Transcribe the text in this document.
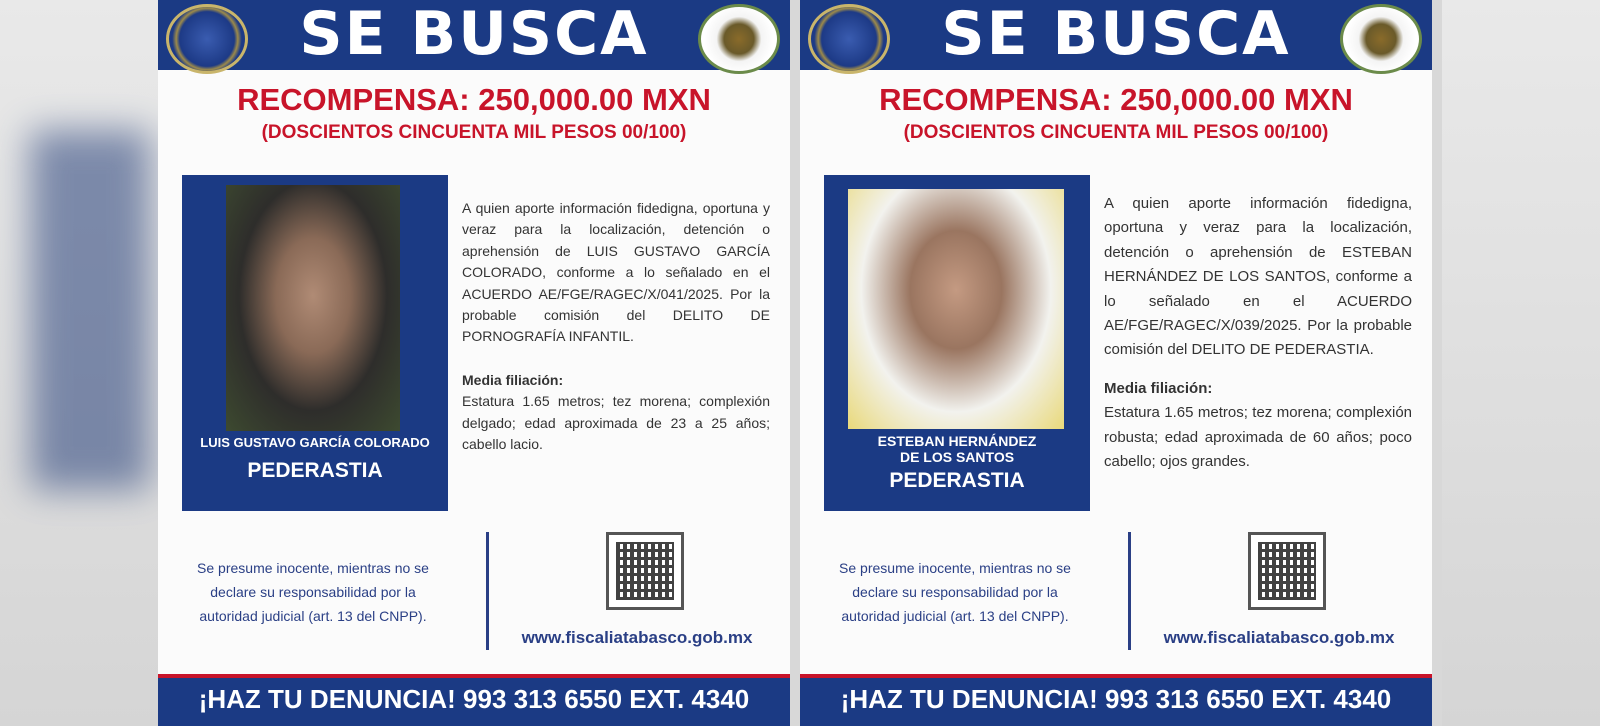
SE BUSCA
RECOMPENSA: 250,000.00 MXN
(DOSCIENTOS CINCUENTA MIL PESOS 00/100)
LUIS GUSTAVO GARCÍA COLORADO
PEDERASTIA
A quien aporte información fidedigna, oportuna y veraz para la localización, detención o aprehensión de LUIS GUSTAVO GARCÍA COLORADO, conforme a lo señalado en el ACUERDO AE/FGE/RAGEC/X/041/2025. Por la probable comisión del DELITO DE PORNOGRAFÍA INFANTIL.
Media filiación:
Estatura 1.65 metros; tez morena; complexión delgado; edad aproximada de 23 a 25 años; cabello lacio.
Se presume inocente, mientras no se declare su responsabilidad por la autoridad judicial (art. 13 del CNPP).
www.fiscaliatabasco.gob.mx
¡HAZ TU DENUNCIA! 993 313 6550 EXT. 4340
SE BUSCA
RECOMPENSA: 250,000.00 MXN
(DOSCIENTOS CINCUENTA MIL PESOS 00/100)
ESTEBAN HERNÁNDEZ
DE LOS SANTOS
PEDERASTIA
A quien aporte información fidedigna, oportuna y veraz para la localización, detención o aprehensión de ESTEBAN HERNÁNDEZ DE LOS SANTOS, conforme a lo señalado en el ACUERDO AE/FGE/RAGEC/X/039/2025. Por la probable comisión del DELITO DE PEDERASTIA.
Media filiación:
Estatura 1.65 metros; tez morena; complexión robusta; edad aproximada de 60 años; poco cabello; ojos grandes.
Se presume inocente, mientras no se declare su responsabilidad por la autoridad judicial (art. 13 del CNPP).
www.fiscaliatabasco.gob.mx
¡HAZ TU DENUNCIA! 993 313 6550 EXT. 4340
